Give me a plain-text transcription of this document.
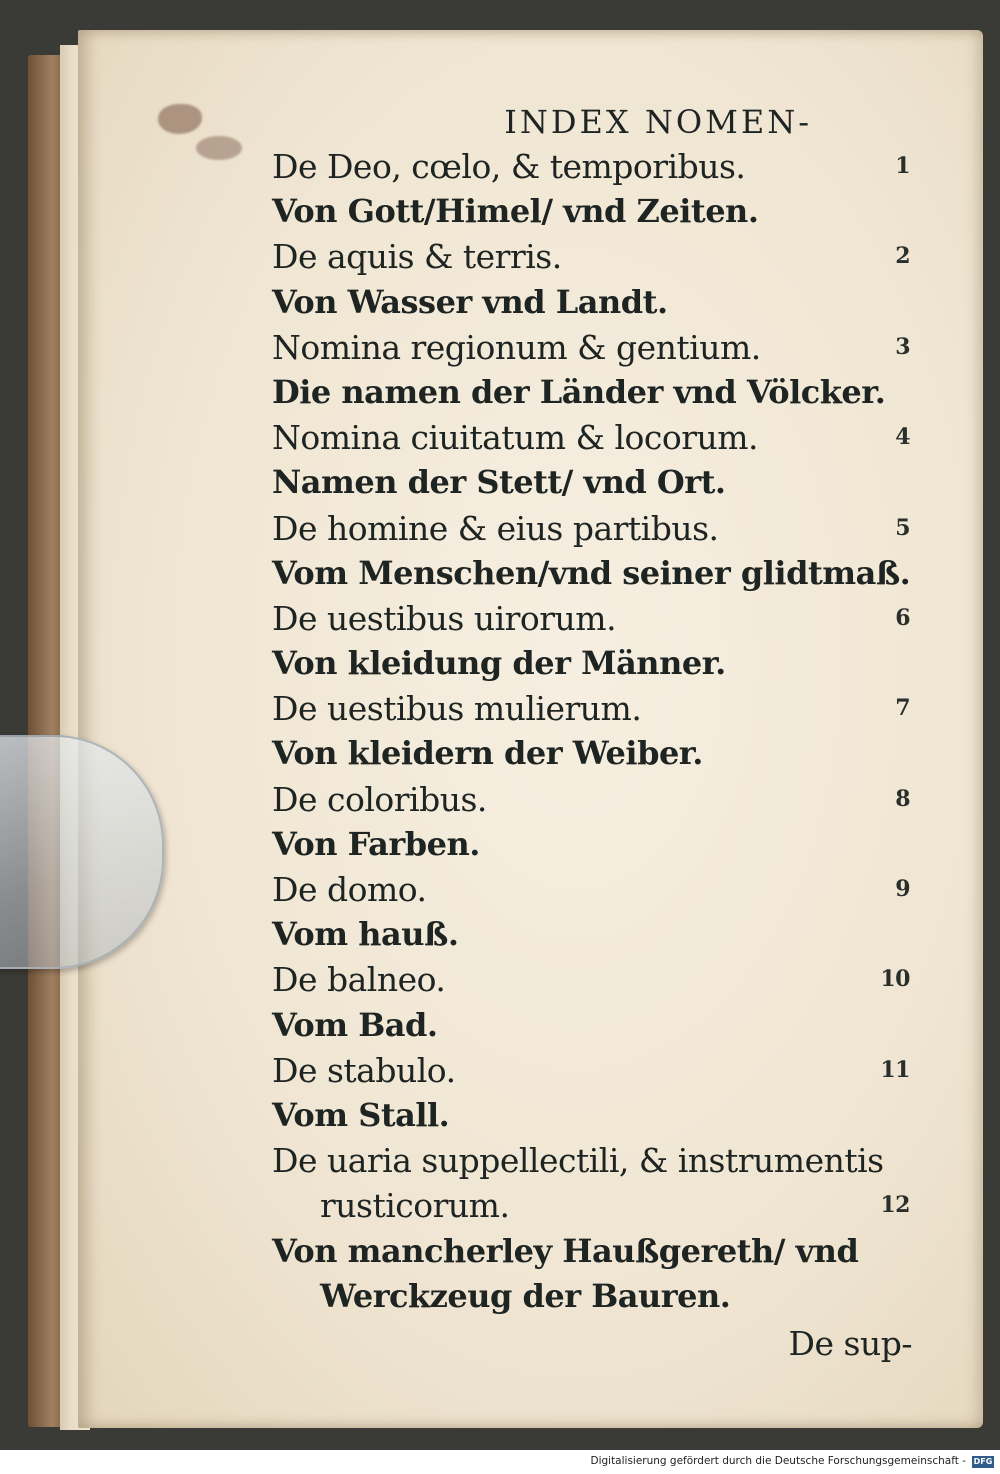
INDEX NOMEN-
De Deo, cœlo, & temporibus.	1
Von Gott/Himel/ vnd Zeiten.
De aquis & terris.	2
Von Wasser vnd Landt.
Nomina regionum & gentium.	3
Die namen der Länder vnd Völcker.
Nomina ciuitatum & locorum.	4
Namen der Stett/ vnd Ort.
De homine & eius partibus.	5
Vom Menschen/vnd seiner glidtmaß.
De uestibus uirorum.	6
Von kleidung der Männer.
De uestibus mulierum.	7
Von kleidern der Weiber.
De coloribus.	8
Von Farben.
De domo.	9
Vom hauß.
De balneo.	10
Vom Bad.
De stabulo.	11
Vom Stall.
De uaria suppellectili, & instrumentis
rusticorum.	12
Von mancherley Haußgereth/ vnd
Werckzeug der Bauren.
De sup-
Digitalisierung gefördert durch die Deutsche Forschungsgemeinschaft - DFG
